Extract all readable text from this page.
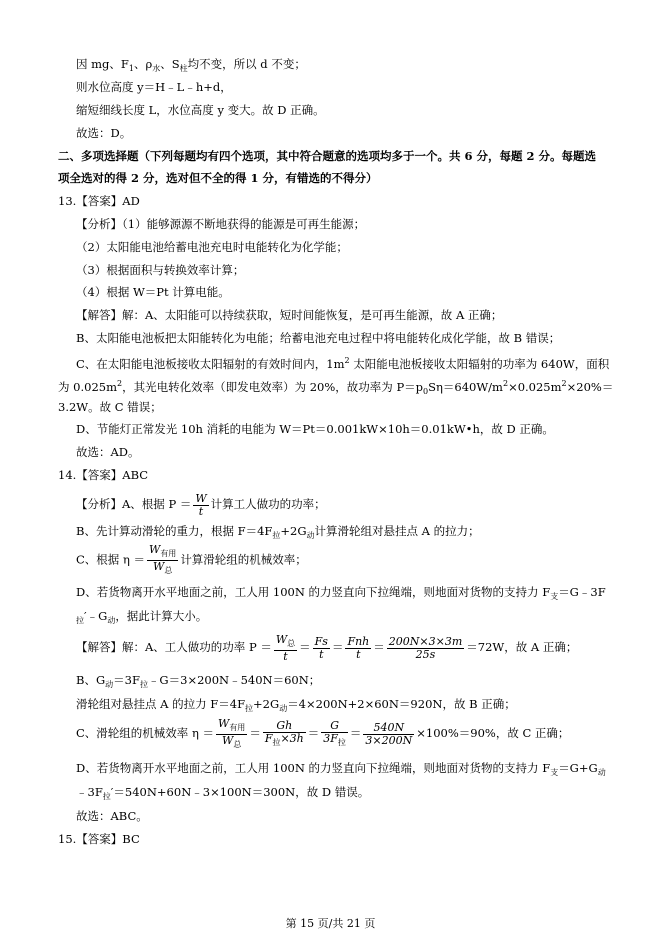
因 mg、$F_1$、$\rho_水$、$S_柱$均不变，所以 d 不变；
则水位高度 y＝H﹣L﹣h+d，
缩短细线长度 L，水位高度 y 变大。故 D 正确。
故选：D。
二、多项选择题（下列每题均有四个选项，其中符合题意的选项均多于一个。共 6 分，每题 2 分。每题选
项全选对的得 2 分，选对但不全的得 1 分，有错选的不得分）
13.【答案】AD
【分析】（1）能够源源不断地获得的能源是可再生能源；
（2）太阳能电池给蓄电池充电时电能转化为化学能；
（3）根据面积与转换效率计算；
（4）根据 W＝Pt 计算电能。
【解答】解：A、太阳能可以持续获取，短时间能恢复，是可再生能源，故 A 正确；
B、太阳能电池板把太阳能转化为电能；给蓄电池充电过程中将电能转化成化学能，故 B 错误；
C、在太阳能电池板接收太阳辐射的有效时间内，$1m^2$ 太阳能电池板接收太阳辐射的功率为 640W，面积
为 $0.025m^2$，其光电转化效率（即发电效率）为 20%，故功率为 $P=p_0S\eta=640W/m^2\times 0.025m^2\times 20\%=$
3.2W。故 C 错误；
D、节能灯正常发光 10h 消耗的电能为 W＝Pt＝0.001kW×10h＝0.01kW•h，故 D 正确。
故选：AD。
14.【答案】ABC
【分析】A、根据 $P = \frac{W}{t}$ 计算工人做功的功率；
B、先计算动滑轮的重力，根据 $F=4F_拉+2G_动$计算滑轮组对悬挂点 A 的拉力；
C、根据 $\eta = \frac{W_{有用}}{W_总}$ 计算滑轮组的机械效率；
D、若货物离开水平地面之前，工人用 100N 的力竖直向下拉绳端，则地面对货物的支持力 $F_支=G﹣3F$
$_拉'﹣G_动$，据此计算大小。
【解答】解：A、工人做功的功率 $P = \frac{W_总}{t} = \frac{Fs}{t} = \frac{\text{Fnh}}{t} = \frac{200N\times 3\times 3m}{25s} =72W$，故 A 正确；
B、$G_动=3F_拉﹣G=3\times 200N﹣540N=60N$；
滑轮组对悬挂点 A 的拉力 $F=4F_拉+2G_动=4\times 200N+2\times 60N=920N$，故 B 正确；
C、滑轮组的机械效率 $\eta = \frac{W_{有用}}{W_总} = \frac{Gh}{F_拉\times 3h} = \frac{G}{3F_拉} = \frac{540N}{3\times 200N} \times 100\%=90\%$，故 C 正确；
D、若货物离开水平地面之前，工人用 100N 的力竖直向下拉绳端，则地面对货物的支持力 $F_支=G+G_动$
$﹣3F_拉'=540N+60N﹣3\times 100N=300N$，故 D 错误。
故选：ABC。
15.【答案】BC
第 15 页/共 21 页
